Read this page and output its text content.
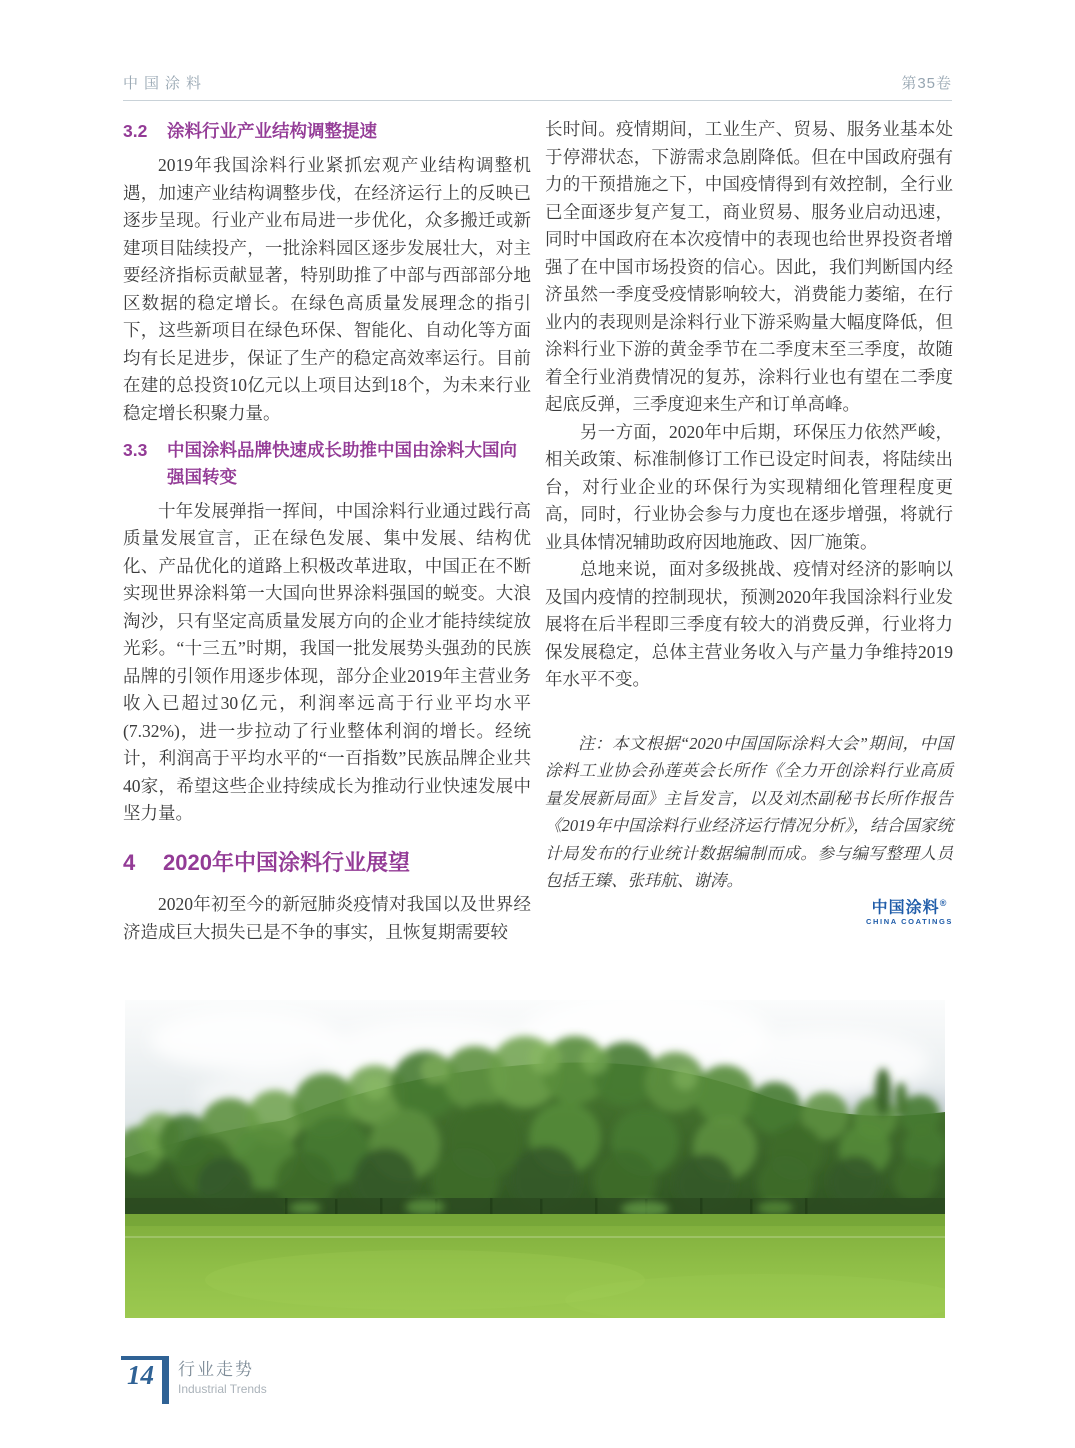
中国涂料	第35卷
3.2	涂料行业产业结构调整提速

2019年我国涂料行业紧抓宏观产业结构调整机遇，加速产业结构调整步伐，在经济运行上的反映已逐步呈现。行业产业布局进一步优化，众多搬迁或新建项目陆续投产，一批涂料园区逐步发展壮大，对主要经济指标贡献显著，特别助推了中部与西部部分地区数据的稳定增长。在绿色高质量发展理念的指引下，这些新项目在绿色环保、智能化、自动化等方面均有长足进步，保证了生产的稳定高效率运行。目前在建的总投资10亿元以上项目达到18个，为未来行业稳定增长积聚力量。

3.3	中国涂料品牌快速成长助推中国由涂料大国向强国转变

十年发展弹指一挥间，中国涂料行业通过践行高质量发展宣言，正在绿色发展、集中发展、结构优化、产品优化的道路上积极改革进取，中国正在不断实现世界涂料第一大国向世界涂料强国的蜕变。大浪淘沙，只有坚定高质量发展方向的企业才能持续绽放光彩。“十三五”时期，我国一批发展势头强劲的民族品牌的引领作用逐步体现，部分企业2019年主营业务收入已超过30亿元，利润率远高于行业平均水平(7.32%)，进一步拉动了行业整体利润的增长。经统计，利润高于平均水平的“一百指数”民族品牌企业共40家，希望这些企业持续成长为推动行业快速发展中坚力量。

4	2020年中国涂料行业展望

2020年初至今的新冠肺炎疫情对我国以及世界经济造成巨大损失已是不争的事实，且恢复期需要较

长时间。疫情期间，工业生产、贸易、服务业基本处于停滞状态，下游需求急剧降低。但在中国政府强有力的干预措施之下，中国疫情得到有效控制，全行业已全面逐步复产复工，商业贸易、服务业启动迅速，同时中国政府在本次疫情中的表现也给世界投资者增强了在中国市场投资的信心。因此，我们判断国内经济虽然一季度受疫情影响较大，消费能力萎缩，在行业内的表现则是涂料行业下游采购量大幅度降低，但涂料行业下游的黄金季节在二季度末至三季度，故随着全行业消费情况的复苏，涂料行业也有望在二季度起底反弹，三季度迎来生产和订单高峰。

另一方面，2020年中后期，环保压力依然严峻，相关政策、标准制修订工作已设定时间表，将陆续出台，对行业企业的环保行为实现精细化管理程度更高，同时，行业协会参与力度也在逐步增强，将就行业具体情况辅助政府因地施政、因厂施策。

总地来说，面对多级挑战、疫情对经济的影响以及国内疫情的控制现状，预测2020年我国涂料行业发展将在后半程即三季度有较大的消费反弹，行业将力保发展稳定，总体主营业务收入与产量力争维持2019年水平不变。

注：本文根据“2020中国国际涂料大会”期间，中国涂料工业协会孙莲英会长所作《全力开创涂料行业高质量发展新局面》主旨发言，以及刘杰副秘书长所作报告《2019年中国涂料行业经济运行情况分析》，结合国家统计局发布的行业统计数据编制而成。参与编写整理人员包括王臻、张玮航、谢涛。

中国涂料®
CHINA COATINGS
14	行业走势
Industrial Trends
